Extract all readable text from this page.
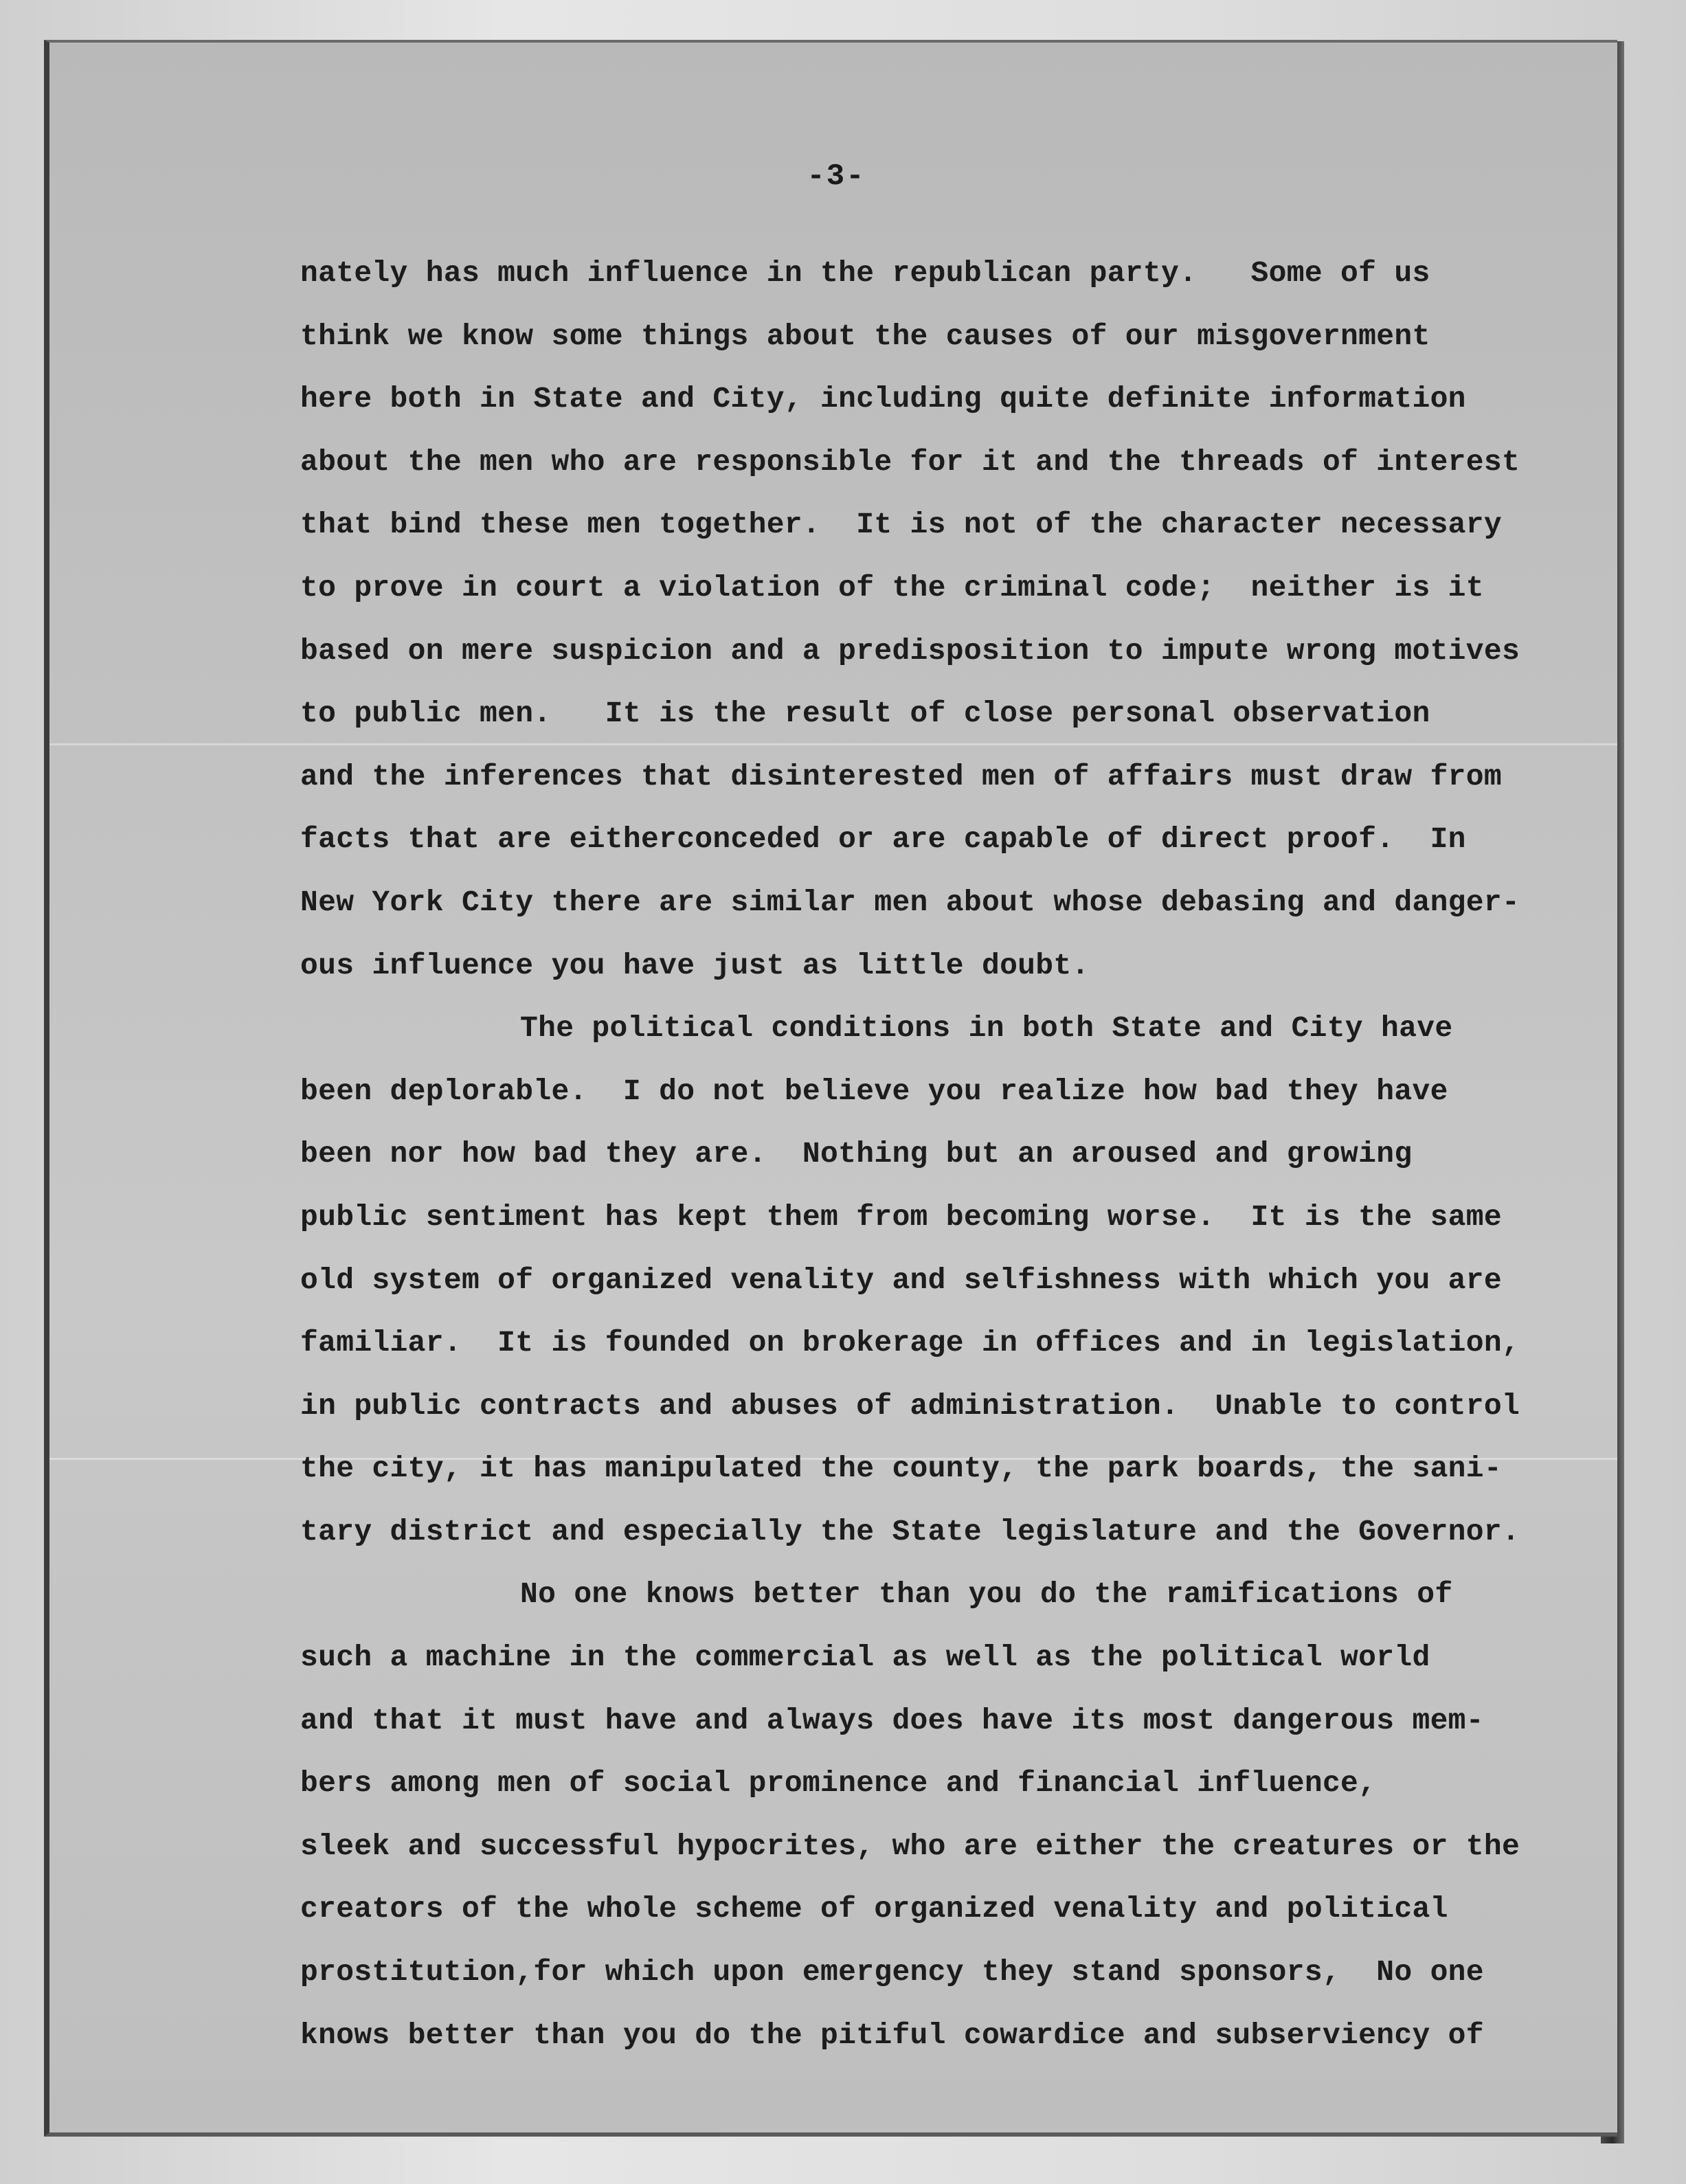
-3-
nately has much influence in the republican party.   Some of us
think we know some things about the causes of our misgovernment
here both in State and City, including quite definite information
about the men who are responsible for it and the threads of interest
that bind these men together.  It is not of the character necessary
to prove in court a violation of the criminal code;  neither is it
based on mere suspicion and a predisposition to impute wrong motives
to public men.   It is the result of close personal observation
and the inferences that disinterested men of affairs must draw from
facts that are eitherconceded or are capable of direct proof.  In
New York City there are similar men about whose debasing and danger-
ous influence you have just as little doubt.
The political conditions in both State and City have
been deplorable.  I do not believe you realize how bad they have
been nor how bad they are.  Nothing but an aroused and growing
public sentiment has kept them from becoming worse.  It is the same
old system of organized venality and selfishness with which you are
familiar.  It is founded on brokerage in offices and in legislation,
in public contracts and abuses of administration.  Unable to control
the city, it has manipulated the county, the park boards, the sani-
tary district and especially the State legislature and the Governor.
No one knows better than you do the ramifications of
such a machine in the commercial as well as the political world
and that it must have and always does have its most dangerous mem-
bers among men of social prominence and financial influence,
sleek and successful hypocrites, who are either the creatures or the
creators of the whole scheme of organized venality and political
prostitution,for which upon emergency they stand sponsors,  No one
knows better than you do the pitiful cowardice and subserviency of
